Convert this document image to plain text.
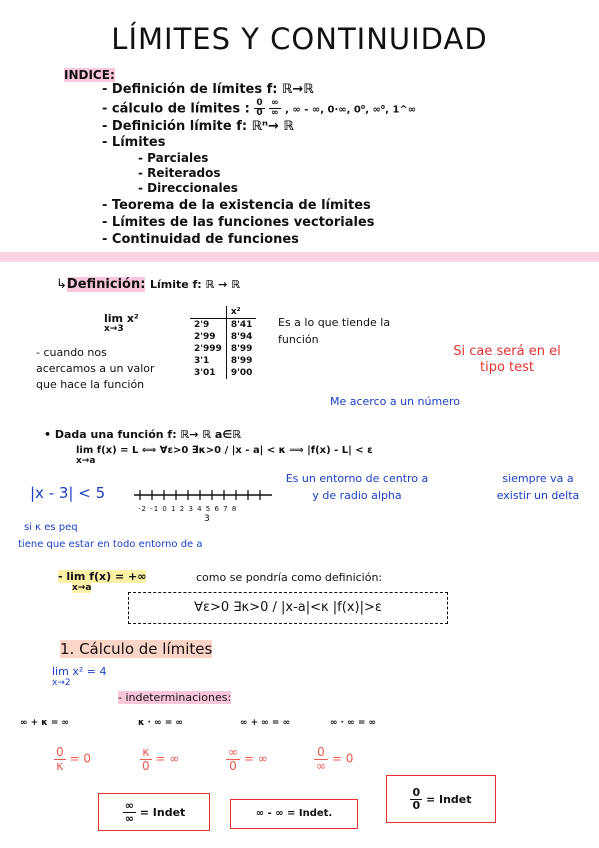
LÍMITES Y CONTINUIDAD
INDICE:
- Definición de límites f: ℝ→ℝ
- cálculo de límites : $\frac{0}{0}$
$\frac{\infty}{\infty}$ , ∞ - ∞, 0·∞, 0⁰, ∞⁰, 1^∞
- Definición límite f: ℝⁿ→ ℝ
- Límites
- Parciales
- Reiterados
- Direccionales
- Teorema de la existencia de límites
- Límites de las funciones vectoriales
- Continuidad de funciones
↳Definición: Límite f: ℝ → ℝ
lim x²
x→3
	x²
2'9	8'41
2'99	8'94
2'999	8'99
3'1	8'99
3'01	9'00
Es a lo que tiende la función
- cuando nos acercamos a un valor que hace la función
Si cae será en el tipo test
Me acerco a un número
• Dada una función f: ℝ→ ℝ a∈ℝ
lim f(x) = L ⟺ ∀ε>0 ∃κ>0 / |x - a| < κ ⟹ |f(x) - L| < ε
x→a
|x - 3| < 5
-2 -1 0 1 2 3 4 5 6 7 8
3
Es un entorno de centro a y de radio alpha
siempre va a existir un delta
si κ es peq
tiene que estar en todo entorno de a
- lim f(x) = +∞
x→a
como se pondría como definición:
∀ε>0 ∃κ>0 / |x-a|<κ |f(x)|>ε
1. Cálculo de límites
lim x² = 4
x→2
- indeterminaciones:
∞ + κ = ∞	κ · ∞ = ∞	∞ + ∞ = ∞	∞ · ∞ = ∞
$\frac{0}{\kappa} = 0$	$\frac{\kappa}{0}$ = ∞	$\frac{\infty}{0}$ = ∞	$\frac{0}{\infty} = 0$
$\frac{\infty}{\infty}$
= Indet	∞ - ∞ = Indet.
$\frac{0}{0}$
= Indet
